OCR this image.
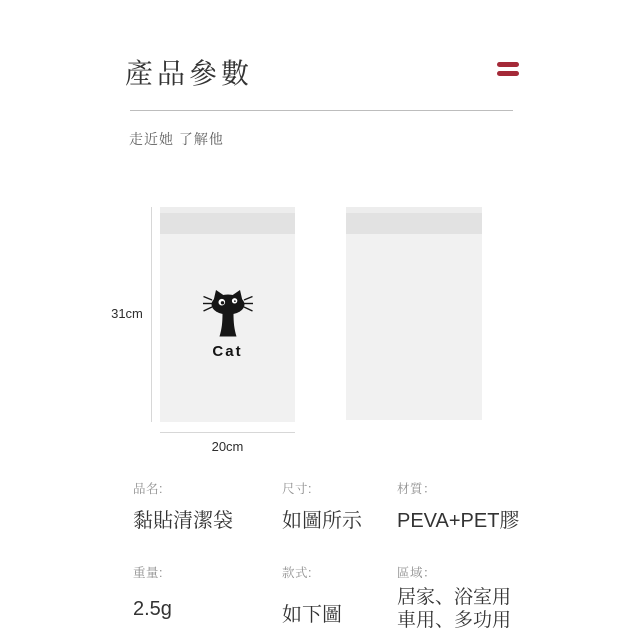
產品參數
走近她 了解他
31cm
Cat
20cm
品名:
黏貼清潔袋
尺寸:
如圖所示
材質：
PEVA+PET膠
重量:
2.5g
款式:
如下圖
區域：
居家、浴室用
車用、多功用
